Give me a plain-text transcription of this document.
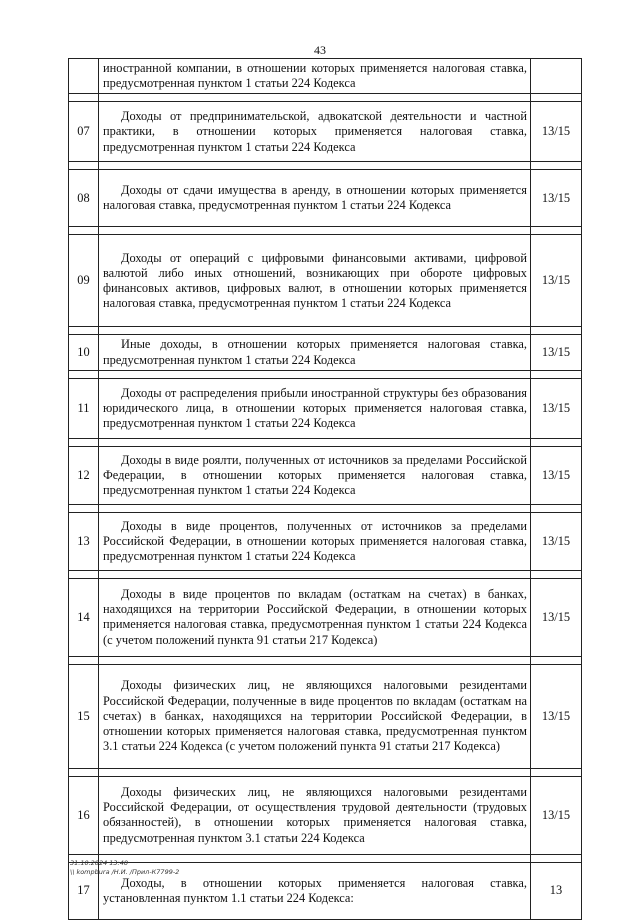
43
	иностранной компании, в отношении которых применяется налоговая ставка, предусмотренная пунктом 1 статьи 224 Кодекса	

07	Доходы от предпринимательской, адвокатской деятельности и частной практики, в отношении которых применяется налоговая ставка, предусмотренная пунктом 1 статьи 224 Кодекса	13/15

08	Доходы от сдачи имущества в аренду, в отношении которых применяется налоговая ставка, предусмотренная пунктом 1 статьи 224 Кодекса	13/15

09	Доходы от операций с цифровыми финансовыми активами, цифровой валютой либо иных отношений, возникающих при обороте цифровых финансовых активов, цифровых валют, в отношении которых применяется налоговая ставка, предусмотренная пунктом 1 статьи 224 Кодекса	13/15

10	Иные доходы, в отношении которых применяется налоговая ставка, предусмотренная пунктом 1 статьи 224 Кодекса	13/15

11	Доходы от распределения прибыли иностранной структуры без образования юридического лица, в отношении которых применяется налоговая ставка, предусмотренная пунктом 1 статьи 224 Кодекса	13/15

12	Доходы в виде роялти, полученных от источников за пределами Российской Федерации, в отношении которых применяется налоговая ставка, предусмотренная пунктом 1 статьи 224 Кодекса	13/15

13	Доходы в виде процентов, полученных от источников за пределами Российской Федерации, в отношении которых применяется налоговая ставка, предусмотренная пунктом 1 статьи 224 Кодекса	13/15

14	Доходы в виде процентов по вкладам (остаткам на счетах) в банках, находящихся на территории Российской Федерации, в отношении которых применяется налоговая ставка, предусмотренная пунктом 1 статьи 224 Кодекса (с учетом положений пункта 91 статьи 217 Кодекса)	13/15

15	Доходы физических лиц, не являющихся налоговыми резидентами Российской Федерации, полученные в виде процентов по вкладам (остаткам на счетах) в банках, находящихся на территории Российской Федерации, в отношении которых применяется налоговая ставка, предусмотренная пунктом 3.1 статьи 224 Кодекса (с учетом положений пункта 91 статьи 217 Кодекса)	13/15

16	Доходы физических лиц, не являющихся налоговыми резидентами Российской Федерации, от осуществления трудовой деятельности (трудовых обязанностей), в отношении которых применяется налоговая ставка, предусмотренная пунктом 3.1 статьи 224 Кодекса	13/15

17	Доходы, в отношении которых применяется налоговая ставка, установленная пунктом 1.1 статьи 224 Кодекса:	13
31.10.2024 13:40
\\ kompbura /Н.И. /Прил-К7799-2
